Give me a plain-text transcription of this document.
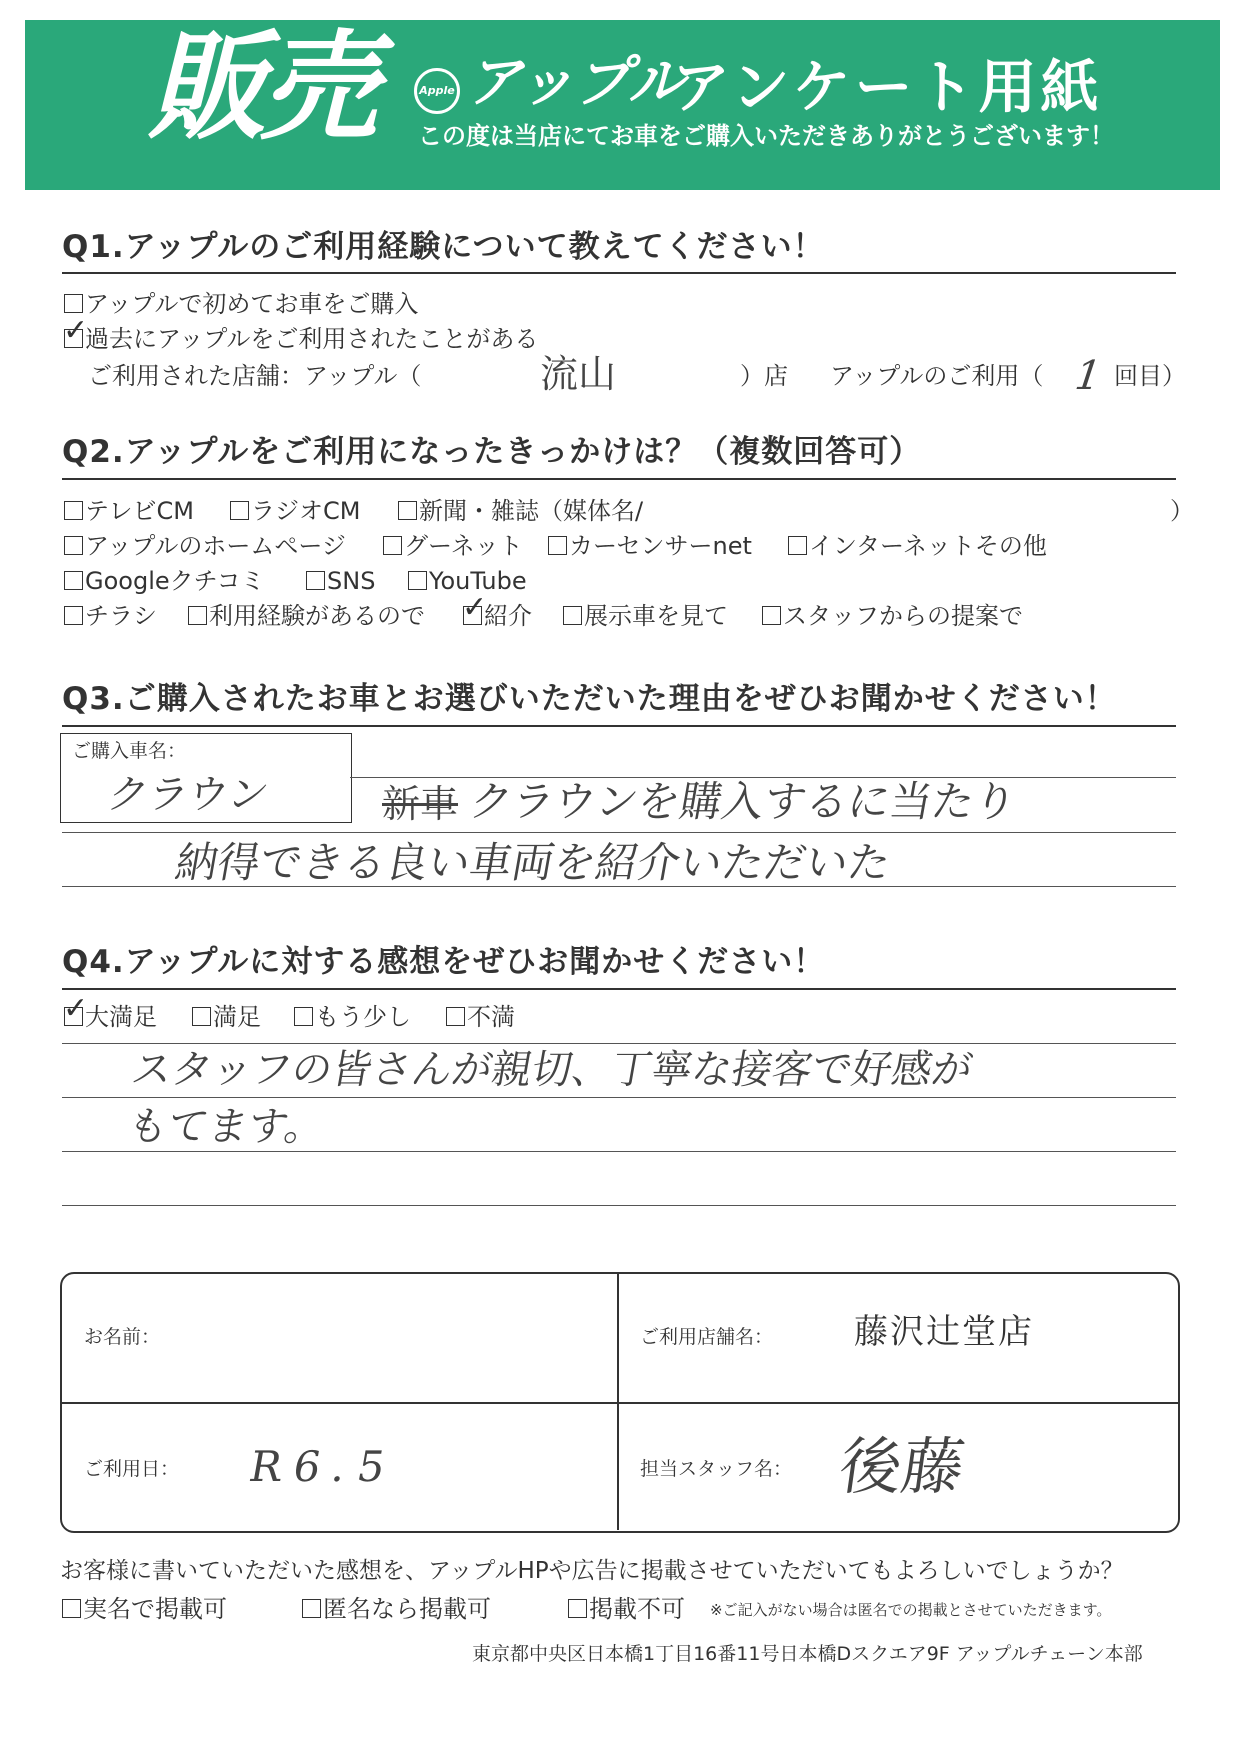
販売	Apple アップル
アンケート用紙
この度は当店にてお車をご購入いただきありがとうございます！
Q1.アップルのご利用経験について教えてください！
アップルで初めてお車をご購入
✓
過去にアップルをご利用されたことがある
ご利用された店舗：アップル（	流山	）店 アップルのご利用（ 1 回目）
Q2.アップルをご利用になったきっかけは？（複数回答可）
テレビCM	ラジオCM	新聞・雑誌（媒体名/	）
アップルのホームページ	グーネット	カーセンサーnet	インターネットその他
Googleクチコミ	SNS	YouTube
チラシ	利用経験があるので ✓
紹介	展示車を見て	スタッフからの提案で
Q3.ご購入されたお車とお選びいただいた理由をぜひお聞かせください！
ご購入車名：
クラウン	新車 クラウンを購入するに当たり
納得できる良い車両を紹介いただいた
Q4.アップルに対する感想をぜひお聞かせください！
✓
大満足	満足	もう少し	不満
スタッフの皆さんが親切、丁寧な接客で好感が
もてます。
お名前：	ご利用店舗名： 藤沢辻堂店
ご利用日： R6.5	担当スタッフ名： 後藤
お客様に書いていただいた感想を、アップルHPや広告に掲載させていただいてもよろしいでしょうか？
実名で掲載可	匿名なら掲載可	掲載不可 ※ご記入がない場合は匿名での掲載とさせていただきます。
東京都中央区日本橋1丁目16番11号日本橋Dスクエア9F アップルチェーン本部
